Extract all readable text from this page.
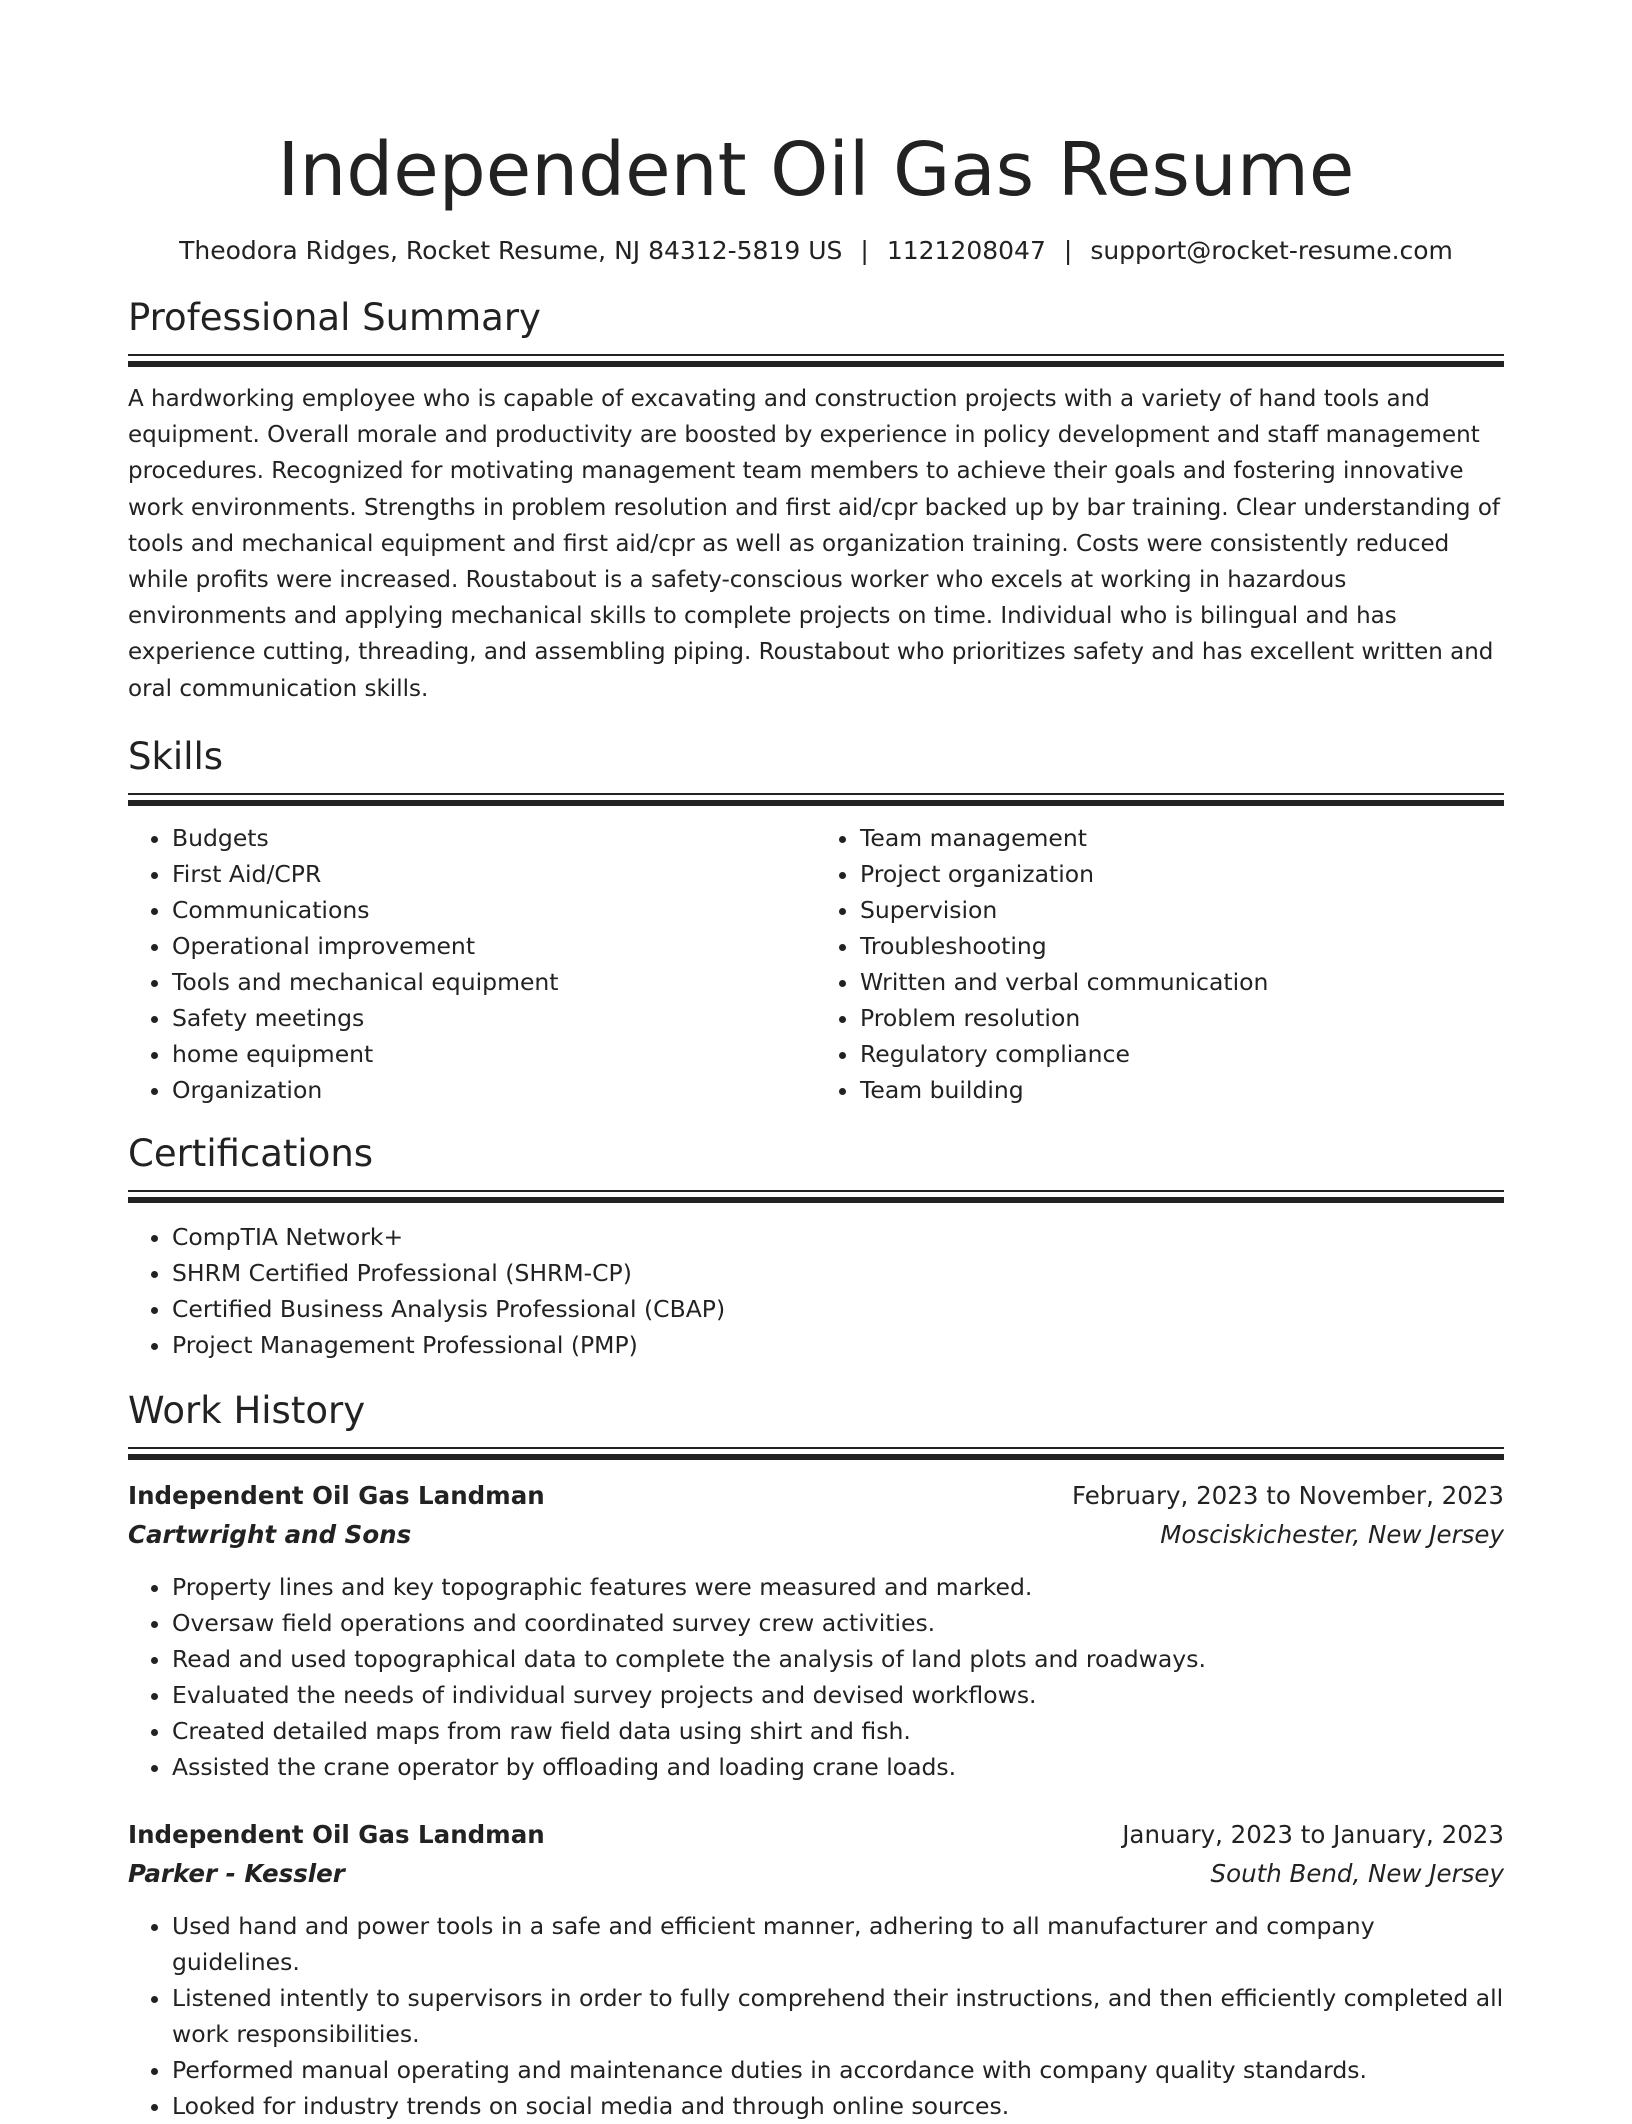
Independent Oil Gas Resume
Theodora Ridges, Rocket Resume, NJ 84312-5819 US | 1121208047 | support@rocket-resume.com
Professional Summary

A hardworking employee who is capable of excavating and construction projects with a variety of hand tools and equipment. Overall morale and productivity are boosted by experience in policy development and staff management procedures. Recognized for motivating management team members to achieve their goals and fostering innovative work environments. Strengths in problem resolution and first aid/cpr backed up by bar training. Clear understanding of tools and mechanical equipment and first aid/cpr as well as organization training. Costs were consistently reduced while profits were increased. Roustabout is a safety-conscious worker who excels at working in hazardous environments and applying mechanical skills to complete projects on time. Individual who is bilingual and has experience cutting, threading, and assembling piping. Roustabout who prioritizes safety and has excellent written and oral communication skills.

Skills
• Budgets
• First Aid/CPR
• Communications
• Operational improvement
• Tools and mechanical equipment
• Safety meetings
• home equipment
• Organization
• Team management
• Project organization
• Supervision
• Troubleshooting
• Written and verbal communication
• Problem resolution
• Regulatory compliance
• Team building
Certifications
• CompTIA Network+
• SHRM Certified Professional (SHRM-CP)
• Certified Business Analysis Professional (CBAP)
• Project Management Professional (PMP)
Work History
Independent Oil Gas Landman	February, 2023 to November, 2023
Cartwright and Sons	Mosciskichester, New Jersey
• Property lines and key topographic features were measured and marked.
• Oversaw field operations and coordinated survey crew activities.
• Read and used topographical data to complete the analysis of land plots and roadways.
• Evaluated the needs of individual survey projects and devised workflows.
• Created detailed maps from raw field data using shirt and fish.
• Assisted the crane operator by offloading and loading crane loads.
Independent Oil Gas Landman	January, 2023 to January, 2023
Parker - Kessler	South Bend, New Jersey
• Used hand and power tools in a safe and efficient manner, adhering to all manufacturer and company guidelines.
• Listened intently to supervisors in order to fully comprehend their instructions, and then efficiently completed all work responsibilities.
• Performed manual operating and maintenance duties in accordance with company quality standards.
• Looked for industry trends on social media and through online sources.
